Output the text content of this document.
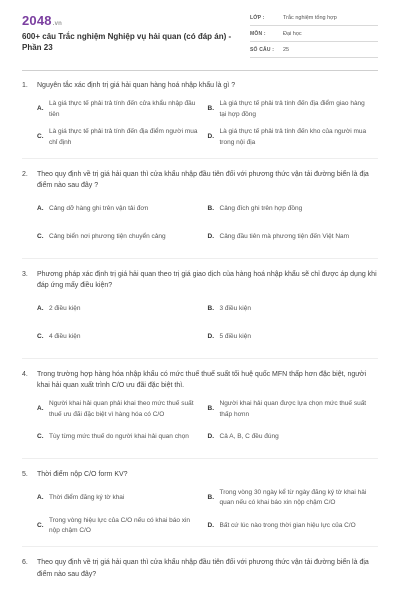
2048.vn
600+ câu Trắc nghiệm Nghiệp vụ hải quan (có đáp án) - Phần 23
LỚP :	Trắc nghiệm tổng hợp
MÔN :	Đại học
SỐ CÂU :	25
1.	Nguyên tắc xác định trị giá hải quan hàng hoá nhập khẩu là gì ?
A.
Là giá thực tế phải trả tính đến cửa khẩu nhập đầu tiên
B.
Là giá thực tế phải trả tính đến địa điểm giao hàng tại hợp đồng
C.
Là giá thực tế phải trả tính đến địa điểm người mua chỉ định
D.
Là giá thực tế phải trả tính đến kho của người mua trong nội địa
2.	Theo quy định về trị giá hải quan thì cửa khẩu nhập đầu tiên đối với phương thức vận tải đường biển là địa điểm nào sau đây ?
A. Cảng dỡ hàng ghi trên vận tải đơn	B. Cảng đích ghi trên hợp đồng
C. Cảng biển nơi phương tiện chuyển cảng	D. Cảng đầu tiên mà phương tiện đến Việt Nam
3.	Phương pháp xác định trị giá hải quan theo trị giá giao dịch của hàng hoá nhập khẩu sẽ chỉ được áp dụng khi đáp ứng mấy điều kiện?
A. 2 điều kiện	B. 3 điều kiện
C. 4 điều kiện	D. 5 điều kiện
4.	Trong trường hợp hàng hóa nhập khẩu có mức thuế thuế suất tối huệ quốc MFN thấp hơn đặc biệt, người khai hải quan xuất trình C/O ưu đãi đặc biệt thì.
A.
Người khai hải quan phải khai theo mức thuế suất thuế ưu đãi đặc biệt vì hàng hóa có C/O
B.
Người khai hải quan được lựa chọn mức thuế suất thấp hơnn
C. Tùy từng mức thuế do người khai hải quan chọn	D. Cả A, B, C đều đúng
5.	Thời điểm nộp C/O form KV?
A. Thời điểm đăng ký tờ khai	B.
Trong vòng 30 ngày kể từ ngày đăng ký tờ khai hải quan nếu có khai báo xin nộp chậm C/O
C.
Trong vòng hiệu lực của C/O nếu có khai báo xin nộp chậm C/O
D. Bất cứ lúc nào trong thời gian hiệu lực của C/O
6.	Theo quy định về trị giá hải quan thì cửa khẩu nhập đầu tiên đối với phương thức vận tải đường biển là địa điểm nào sau đây?
